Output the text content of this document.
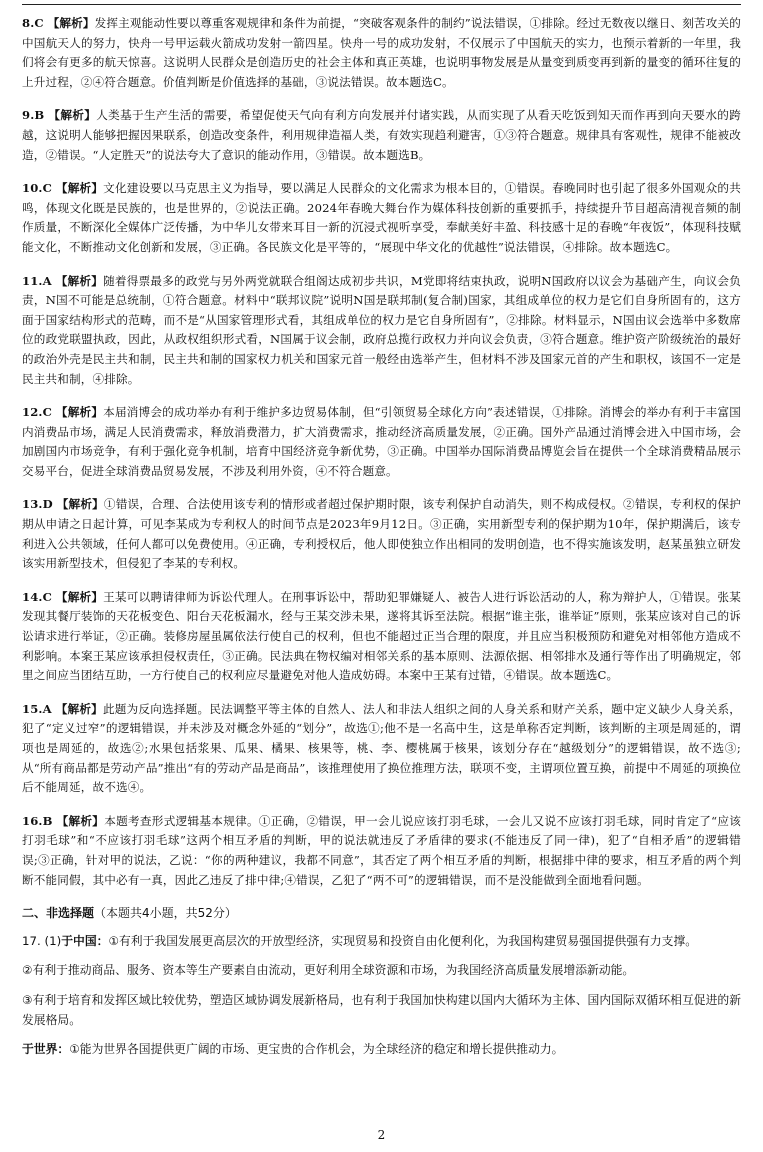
8.C 【解析】发挥主观能动性要以尊重客观规律和条件为前提，“突破客观条件的制约”说法错误，①排除。经过无数夜以继日、刻苦攻关的中国航天人的努力，快舟一号甲运载火箭成功发射一箭四星。快舟一号的成功发射，不仅展示了中国航天的实力，也预示着新的一年里，我们将会有更多的航天惊喜。这说明人民群众是创造历史的社会主体和真正英雄，也说明事物发展是从量变到质变再到新的量变的循环往复的上升过程，②④符合题意。价值判断是价值选择的基础，③说法错误。故本题选C。
9.B 【解析】人类基于生产生活的需要，希望促使天气向有利方向发展并付诸实践，从而实现了从看天吃饭到知天而作再到向天要水的跨越，这说明人能够把握因果联系，创造改变条件，利用规律造福人类，有效实现趋利避害，①③符合题意。规律具有客观性，规律不能被改造，②错误。“人定胜天”的说法夸大了意识的能动作用，③错误。故本题选B。
10.C 【解析】文化建设要以马克思主义为指导，要以满足人民群众的文化需求为根本目的，①错误。春晚同时也引起了很多外国观众的共鸣，体现文化既是民族的，也是世界的，②说法正确。2024年春晚大舞台作为媒体科技创新的重要抓手，持续提升节目超高清视音频的制作质量，不断深化全媒体广泛传播，为中华儿女带来耳目一新的沉浸式视听享受，奉献美好丰盈、科技感十足的春晚“年夜饭”，体现科技赋能文化，不断推动文化创新和发展，③正确。各民族文化是平等的，“展现中华文化的优越性”说法错误，④排除。故本题选C。
11.A 【解析】随着得票最多的政党与另外两党就联合组阁达成初步共识，M党即将结束执政，说明N国政府以议会为基础产生，向议会负责，N国不可能是总统制，①符合题意。材料中“联邦议院”说明N国是联邦制(复合制)国家，其组成单位的权力是它们自身所固有的，这方面于国家结构形式的范畴，而不是“从国家管理形式看，其组成单位的权力是它自身所固有”，②排除。材料显示，N国由议会选举中多数席位的政党联盟执政，因此，从政权组织形式看，N国属于议会制，政府总揽行政权力并向议会负责，③符合题意。维护资产阶级统治的最好的政治外壳是民主共和制，民主共和制的国家权力机关和国家元首一般经由选举产生，但材料不涉及国家元首的产生和职权，该国不一定是民主共和制，④排除。
12.C 【解析】本届消博会的成功举办有利于维护多边贸易体制，但“引领贸易全球化方向”表述错误，①排除。消博会的举办有利于丰富国内消费品市场，满足人民消费需求，释放消费潜力，扩大消费需求，推动经济高质量发展，②正确。国外产品通过消博会进入中国市场，会加剧国内市场竞争，有利于强化竞争机制，培育中国经济竞争新优势，③正确。中国举办国际消费品博览会旨在提供一个全球消费精品展示交易平台，促进全球消费品贸易发展，不涉及利用外资，④不符合题意。
13.D 【解析】①错误，合理、合法使用该专利的情形或者超过保护期时限，该专利保护自动消失，则不构成侵权。②错误，专利权的保护期从申请之日起计算，可见李某成为专利权人的时间节点是2023年9月12日。③正确，实用新型专利的保护期为10年，保护期满后，该专利进入公共领域，任何人都可以免费使用。④正确，专利授权后，他人即使独立作出相同的发明创造，也不得实施该发明，赵某虽独立研发该实用新型技术，但侵犯了李某的专利权。
14.C 【解析】王某可以聘请律师为诉讼代理人。在刑事诉讼中，帮助犯罪嫌疑人、被告人进行诉讼活动的人，称为辩护人，①错误。张某发现其餐厅装饰的天花板变色、阳台天花板漏水，经与王某交涉未果，遂将其诉至法院。根据“谁主张，谁举证”原则，张某应该对自己的诉讼请求进行举证，②正确。装修房屋虽属依法行使自己的权利，但也不能超过正当合理的限度，并且应当积极预防和避免对相邻他方造成不利影响。本案王某应该承担侵权责任，③正确。民法典在物权编对相邻关系的基本原则、法源依据、相邻排水及通行等作出了明确规定，邻里之间应当团结互助，一方行使自己的权利应尽量避免对他人造成妨碍。本案中王某有过错，④错误。故本题选C。
15.A 【解析】此题为反向选择题。民法调整平等主体的自然人、法人和非法人组织之间的人身关系和财产关系，题中定义缺少人身关系，犯了“定义过窄”的逻辑错误，并未涉及对概念外延的“划分”，故选①;他不是一名高中生，这是单称否定判断，该判断的主项是周延的，谓项也是周延的，故选②;水果包括浆果、瓜果、橘果、核果等，桃、李、樱桃属于核果，该划分存在“越级划分”的逻辑错误，故不选③;从“所有商品都是劳动产品”推出“有的劳动产品是商品”，该推理使用了换位推理方法，联项不变，主谓项位置互换，前提中不周延的项换位后不能周延，故不选④。
16.B 【解析】本题考查形式逻辑基本规律。①正确，②错误，甲一会儿说应该打羽毛球，一会儿又说不应该打羽毛球，同时肯定了“应该打羽毛球”和“不应该打羽毛球”这两个相互矛盾的判断，甲的说法就违反了矛盾律的要求(不能违反了同一律)，犯了“自相矛盾”的逻辑错误;③正确，针对甲的说法，乙说：“你的两种建议，我都不同意”，其否定了两个相互矛盾的判断，根据排中律的要求，相互矛盾的两个判断不能同假，其中必有一真，因此乙违反了排中律;④错误，乙犯了“两不可”的逻辑错误，而不是没能做到全面地看问题。
二、非选择题（本题共4小题，共52分）
17. (1)于中国：①有利于我国发展更高层次的开放型经济，实现贸易和投资自由化便利化，为我国构建贸易强国提供强有力支撑。
②有利于推动商品、服务、资本等生产要素自由流动，更好利用全球资源和市场，为我国经济高质量发展增添新动能。
③有利于培育和发挥区域比较优势，塑造区域协调发展新格局，也有利于我国加快构建以国内大循环为主体、国内国际双循环相互促进的新发展格局。
于世界：①能为世界各国提供更广阔的市场、更宝贵的合作机会，为全球经济的稳定和增长提供推动力。
2
